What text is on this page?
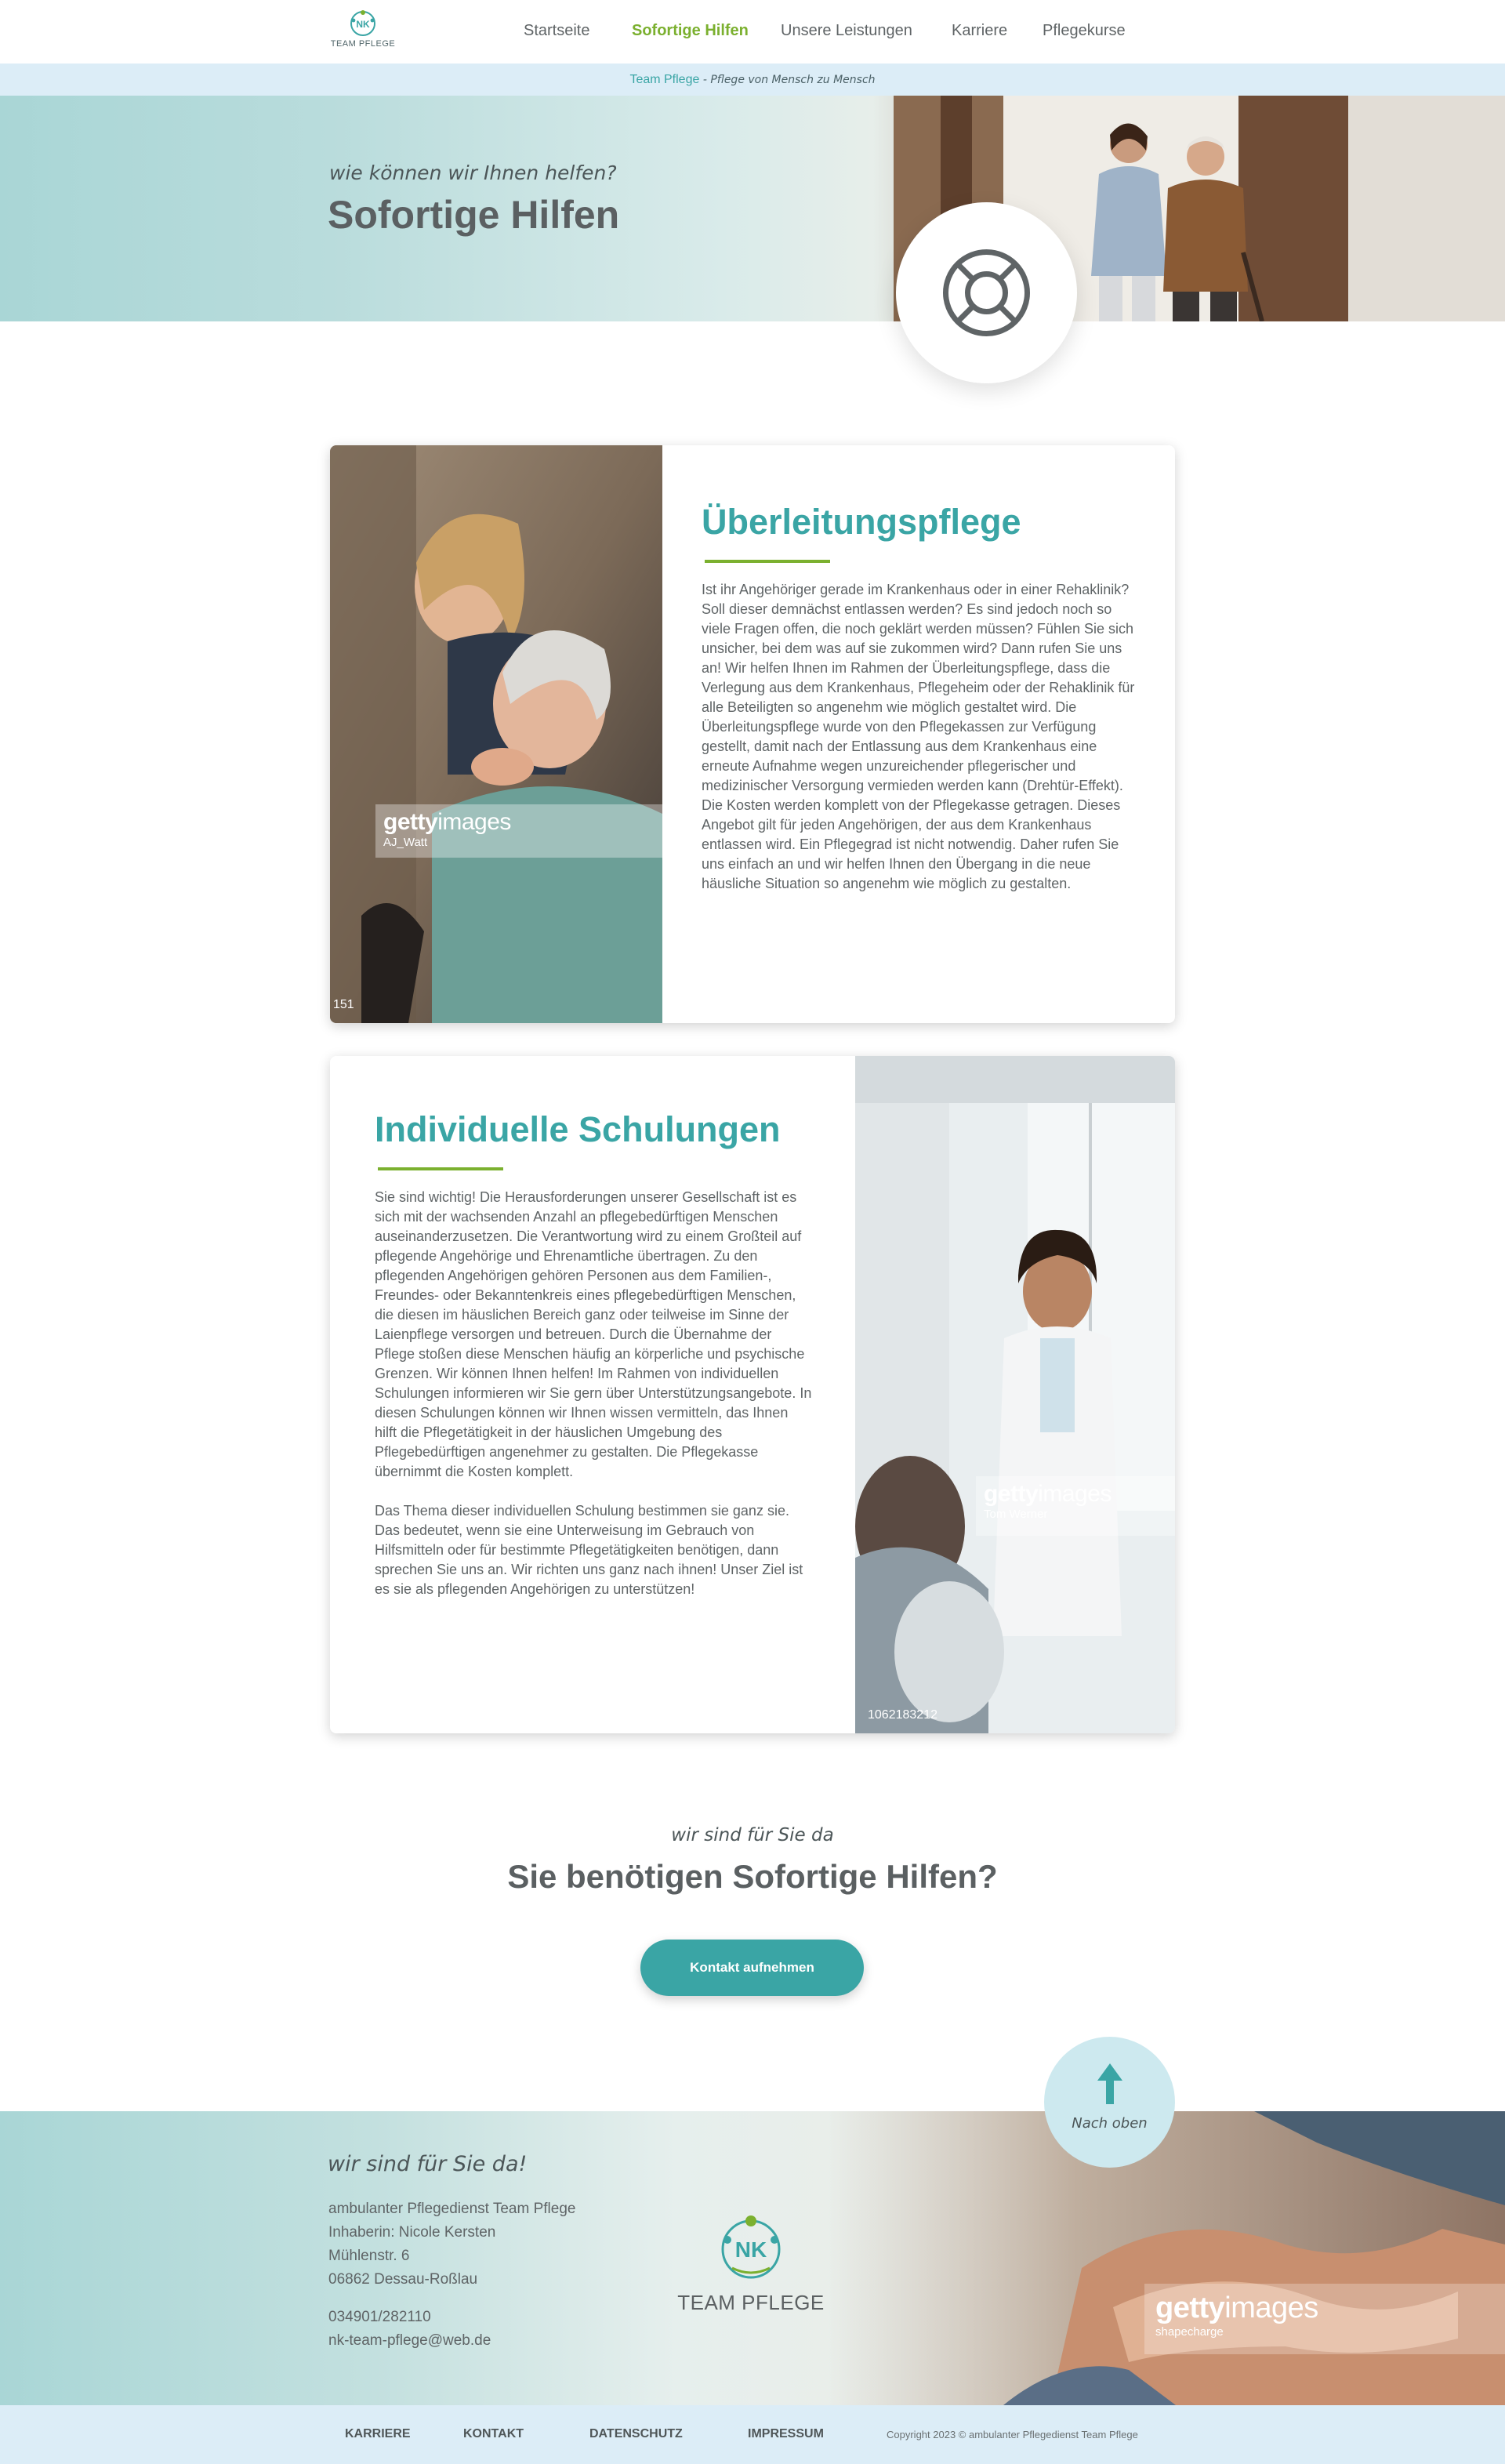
NK
TEAM PFLEGE
Startseite	Sofortige Hilfen Unsere Leistungen	Karriere Pflegekurse
Team Pflege - Pflege von Mensch zu Mensch
wie können wir Ihnen helfen?
Sofortige Hilfen
gettyimages
AJ_Watt
151
Überleitungspflege

Ist ihr Angehöriger gerade im Krankenhaus oder in einer Rehaklinik? Soll dieser demnächst entlassen werden? Es sind jedoch noch so viele Fragen offen, die noch geklärt werden müssen? Fühlen Sie sich unsicher, bei dem was auf sie zukommen wird? Dann rufen Sie uns an! Wir helfen Ihnen im Rahmen der Überleitungspflege, dass die Verlegung aus dem Krankenhaus, Pflegeheim oder der Rehaklinik für alle Beteiligten so angenehm wie möglich gestaltet wird. Die Überleitungspflege wurde von den Pflegekassen zur Verfügung gestellt, damit nach der Entlassung aus dem Krankenhaus eine erneute Aufnahme wegen unzureichender pflegerischer und medizinischer Versorgung vermieden werden kann (Drehtür-Effekt). Die Kosten werden komplett von der Pflegekasse getragen. Dieses Angebot gilt für jeden Angehörigen, der aus dem Krankenhaus entlassen wird. Ein Pflegegrad ist nicht notwendig. Daher rufen Sie uns einfach an und wir helfen Ihnen den Übergang in die neue häusliche Situation so angenehm wie möglich zu gestalten.

Individuelle Schulungen

Sie sind wichtig! Die Herausforderungen unserer Gesellschaft ist es sich mit der wachsenden Anzahl an pflegebedürftigen Menschen auseinanderzusetzen. Die Verantwortung wird zu einem Großteil auf pflegende Angehörige und Ehrenamtliche übertragen. Zu den pflegenden Angehörigen gehören Personen aus dem Familien-, Freundes- oder Bekanntenkreis eines pflegebedürftigen Menschen, die diesen im häuslichen Bereich ganz oder teilweise im Sinne der Laienpflege versorgen und betreuen. Durch die Übernahme der Pflege stoßen diese Menschen häufig an körperliche und psychische Grenzen. Wir können Ihnen helfen! Im Rahmen von individuellen Schulungen informieren wir Sie gern über Unterstützungsangebote. In diesen Schulungen können wir Ihnen wissen vermitteln, das Ihnen hilft die Pflegetätigkeit in der häuslichen Umgebung des Pflegebedürftigen angenehmer zu gestalten. Die Pflegekasse übernimmt die Kosten komplett.

Das Thema dieser individuellen Schulung bestimmen sie ganz sie. Das bedeutet, wenn sie eine Unterweisung im Gebrauch von Hilfsmitteln oder für bestimmte Pflegetätigkeiten benötigen, dann sprechen Sie uns an. Wir richten uns ganz nach ihnen! Unser Ziel ist es sie als pflegenden Angehörigen zu unterstützen!

gettyimages
Tom Werner
1062183212
wir sind für Sie da
Sie benötigen Sofortige Hilfen?
Kontakt aufnehmen
wir sind für Sie da!
ambulanter Pflegedienst Team Pflege
Inhaberin: Nicole Kersten
Mühlenstr. 6
06862 Dessau-Roßlau
034901/282110
nk-team-pflege@web.de
NK
TEAM PFLEGE	gettyimages
shapecharge
Nach oben
KARRIERE	KONTAKT	DATENSCHUTZ	IMPRESSUM	Copyright 2023 © ambulanter Pflegedienst Team Pflege
